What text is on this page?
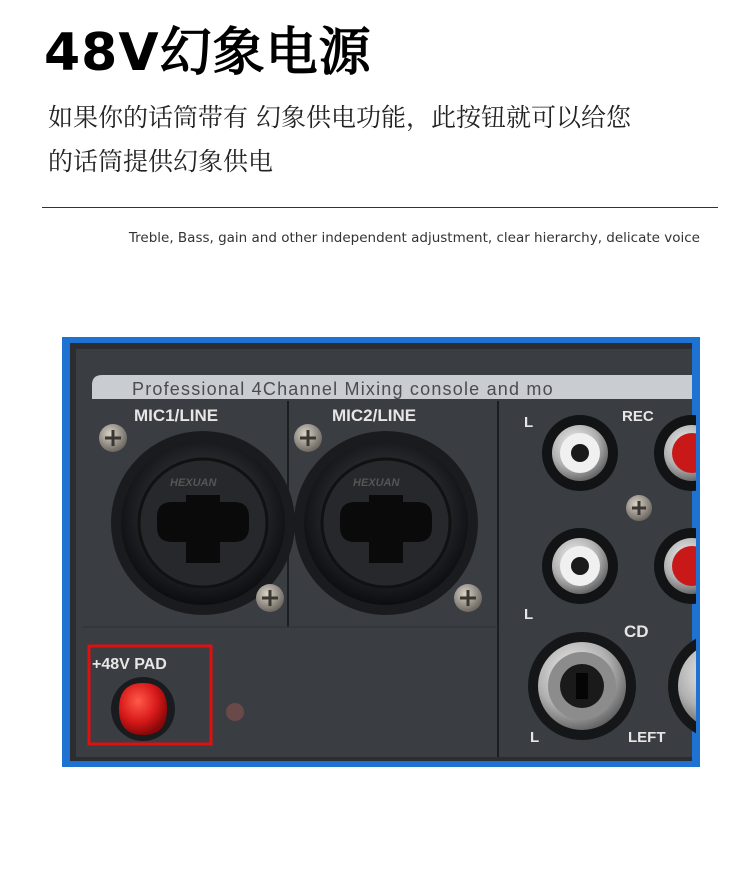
48V幻象电源
如果你的话筒带有 幻象供电功能，此按钮就可以给您
的话筒提供幻象供电
Treble, Bass, gain and other independent adjustment, clear hierarchy, delicate voice
Professional 4Channel Mixing console and mo
MIC1/LINE	MIC2/LINE
HEXUAN	HEXUAN
+48V PAD
L	REC
L
CD
L	LEFT
